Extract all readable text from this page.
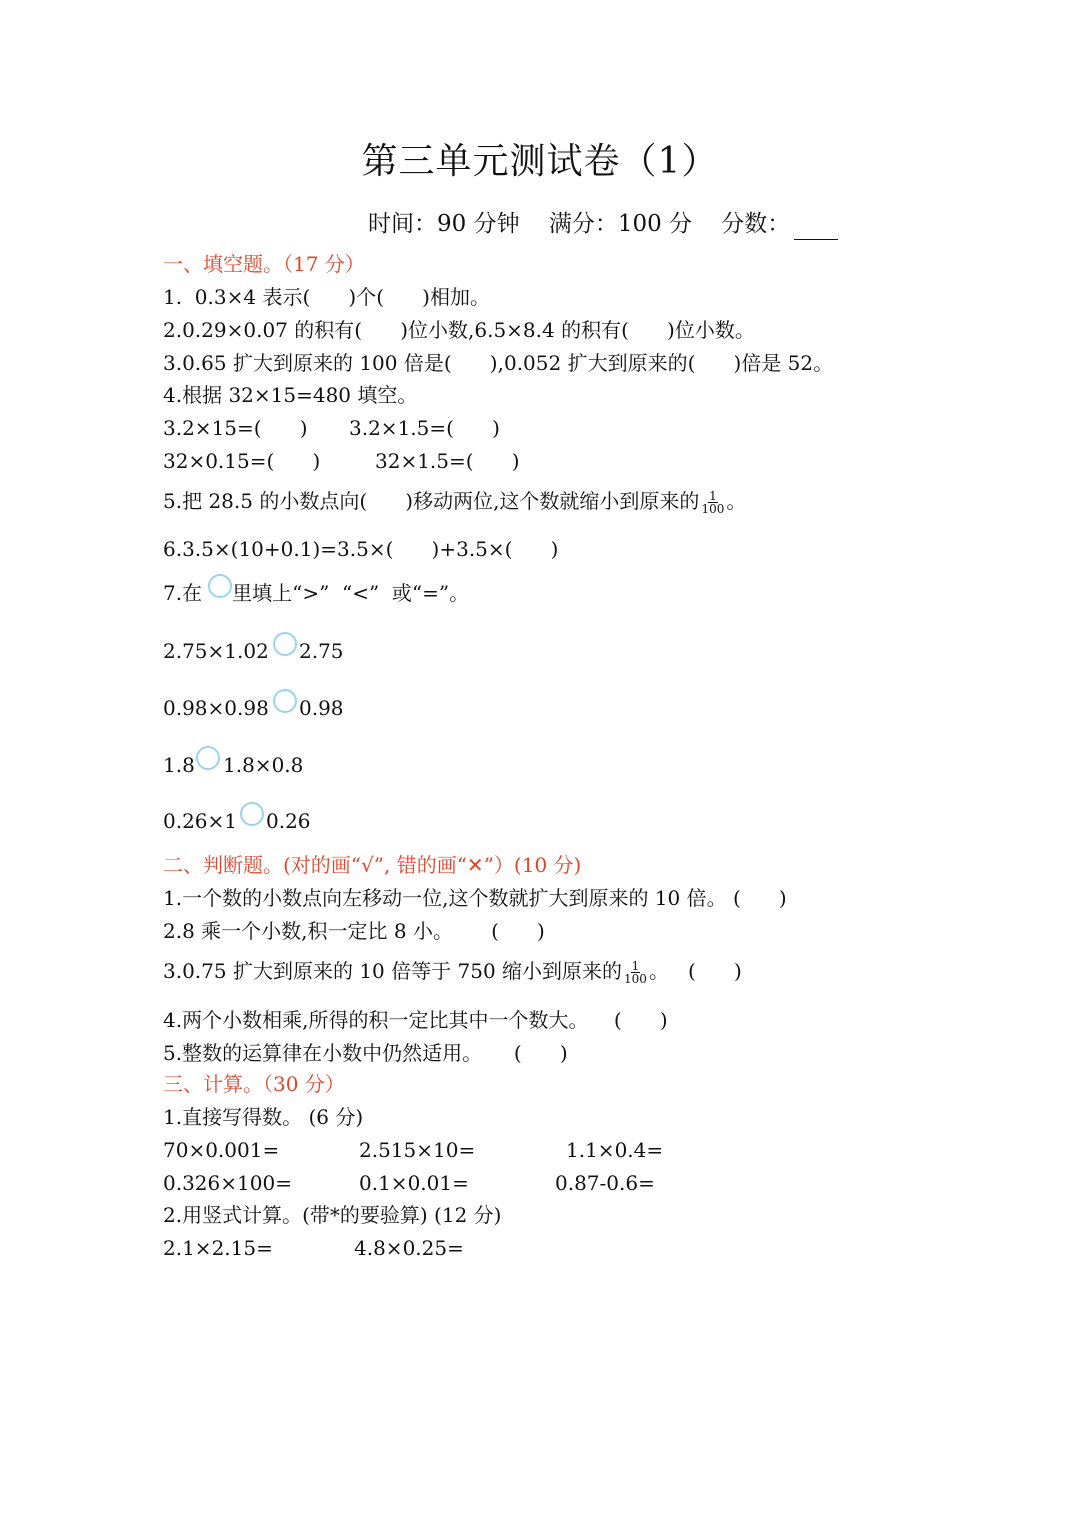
第三单元测试卷（1）
时间：90 分钟 满分：100 分 分数：
一、填空题。（17 分）
1.  0.3×4 表示(      )个(      )相加。
2.0.29×0.07 的积有(      )位小数,6.5×8.4 的积有(      )位小数。
3.0.65 扩大到原来的 100 倍是(      ),0.052 扩大到原来的(      )倍是 52。
4.根据 32×15=480 填空。
3.2×15=(      ) 3.2×1.5=(      )
32×0.15=(      )	32×1.5=(      )
5.把 28.5 的小数点向(      )移动两位,这个数就缩小到原来的 $\frac{1}{100}$ 。
6.3.5×(10+0.1)=3.5×(      )+3.5×(      )
7.在 里填上“>”  “<”  或“=”。
2.75×1.02 2.75
0.98×0.98 0.98
1.8 1.8×0.8
0.26×1 0.26
二、判断题。(对的画“√”, 错的画“✕”）(10 分)
1.一个数的小数点向左移动一位,这个数就扩大到原来的 10 倍。 (      )
2.8 乘一个小数,积一定比 8 小。      (      )
3.0.75 扩大到原来的 10 倍等于 750 缩小到原来的 $\frac{1}{100}$ 。   (      )
4.两个小数相乘,所得的积一定比其中一个数大。    (      )
5.整数的运算律在小数中仍然适用。     (      )
三、计算。（30 分）
1.直接写得数。 (6 分)
70×0.001=	2.515×10=	1.1×0.4=
0.326×100=	0.1×0.01=	0.87-0.6=
2.用竖式计算。(带*的要验算) (12 分)
2.1×2.15=	4.8×0.25=
